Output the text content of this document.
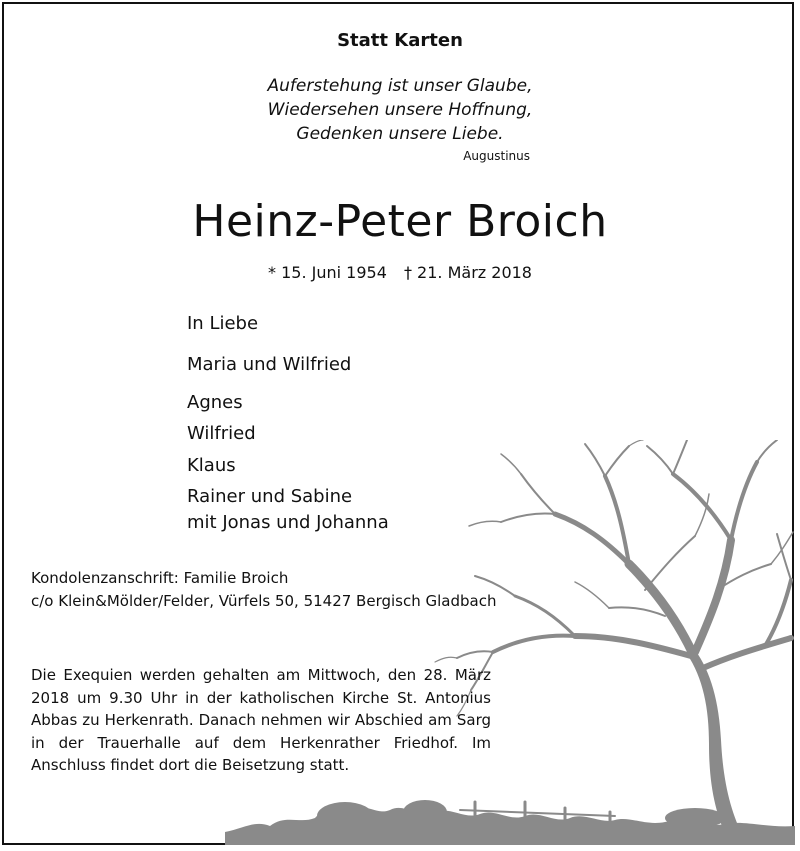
Statt Karten
Auferstehung ist unser Glaube,
Wiedersehen unsere Hoffnung,
Gedenken unsere Liebe.
Augustinus
Heinz-Peter Broich
* 15. Juni 1954 † 21. März 2018
In Liebe
Maria und Wilfried
Agnes
Wilfried
Klaus
Rainer und Sabine
mit Jonas und Johanna
Kondolenzanschrift: Familie Broich
c/o Klein&Mölder/Felder, Vürfels 50, 51427 Bergisch Gladbach
Die Exequien werden gehalten am Mittwoch, den 28. März
2018 um 9.30 Uhr in der katholischen Kirche St. Antonius
Abbas zu Herkenrath. Danach nehmen wir Abschied am Sarg
in der Trauerhalle auf dem Herkenrather Friedhof. Im
Anschluss findet dort die Beisetzung statt.
